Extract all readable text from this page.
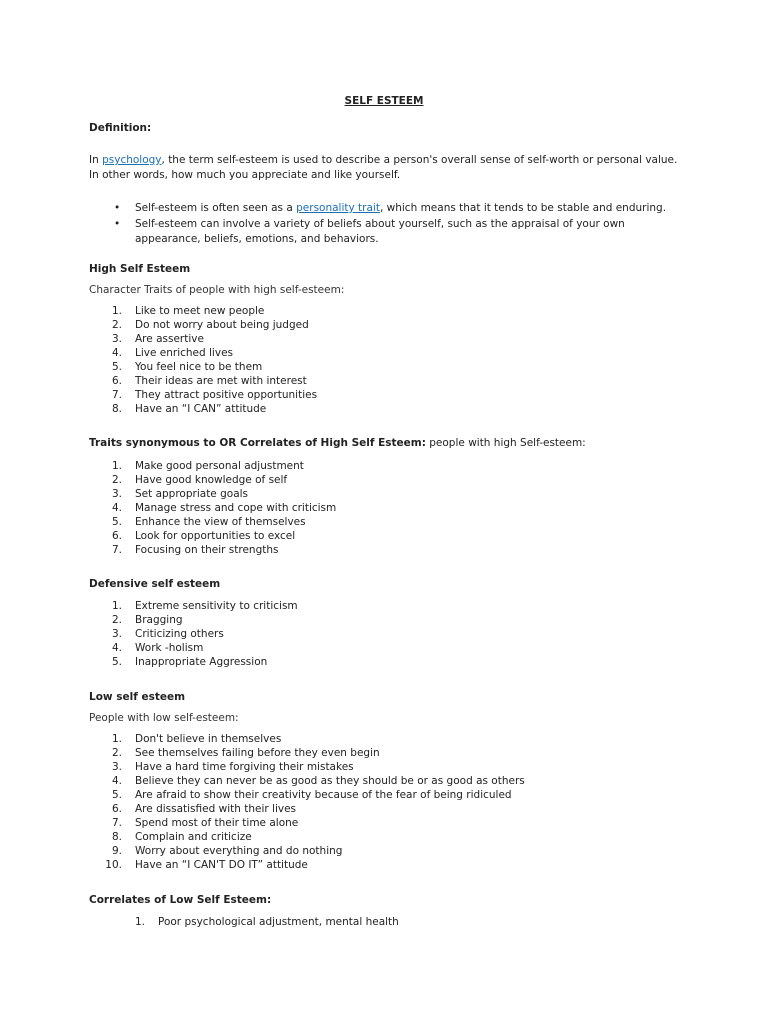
SELF ESTEEM
Definition:
In psychology, the term self-esteem is used to describe a person's overall sense of self-worth or personal value. In other words, how much you appreciate and like yourself.
• Self-esteem is often seen as a personality trait, which means that it tends to be stable and enduring.
• Self-esteem can involve a variety of beliefs about yourself, such as the appraisal of your own appearance, beliefs, emotions, and behaviors.
High Self Esteem
Character Traits of people with high self-esteem:
1. Like to meet new people
2. Do not worry about being judged
3. Are assertive
4. Live enriched lives
5. You feel nice to be them
6. Their ideas are met with interest
7. They attract positive opportunities
8. Have an “I CAN” attitude
Traits synonymous to OR Correlates of High Self Esteem: people with high Self-esteem:
1. Make good personal adjustment
2. Have good knowledge of self
3. Set appropriate goals
4. Manage stress and cope with criticism
5. Enhance the view of themselves
6. Look for opportunities to excel
7. Focusing on their strengths
Defensive self esteem
1. Extreme sensitivity to criticism
2. Bragging
3. Criticizing others
4. Work -holism
5. Inappropriate Aggression
Low self esteem
People with low self-esteem:
1. Don't believe in themselves
2. See themselves failing before they even begin
3. Have a hard time forgiving their mistakes
4. Believe they can never be as good as they should be or as good as others
5. Are afraid to show their creativity because of the fear of being ridiculed
6. Are dissatisfied with their lives
7. Spend most of their time alone
8. Complain and criticize
9. Worry about everything and do nothing
10. Have an “I CAN'T DO IT” attitude
Correlates of Low Self Esteem:
1. Poor psychological adjustment, mental health
